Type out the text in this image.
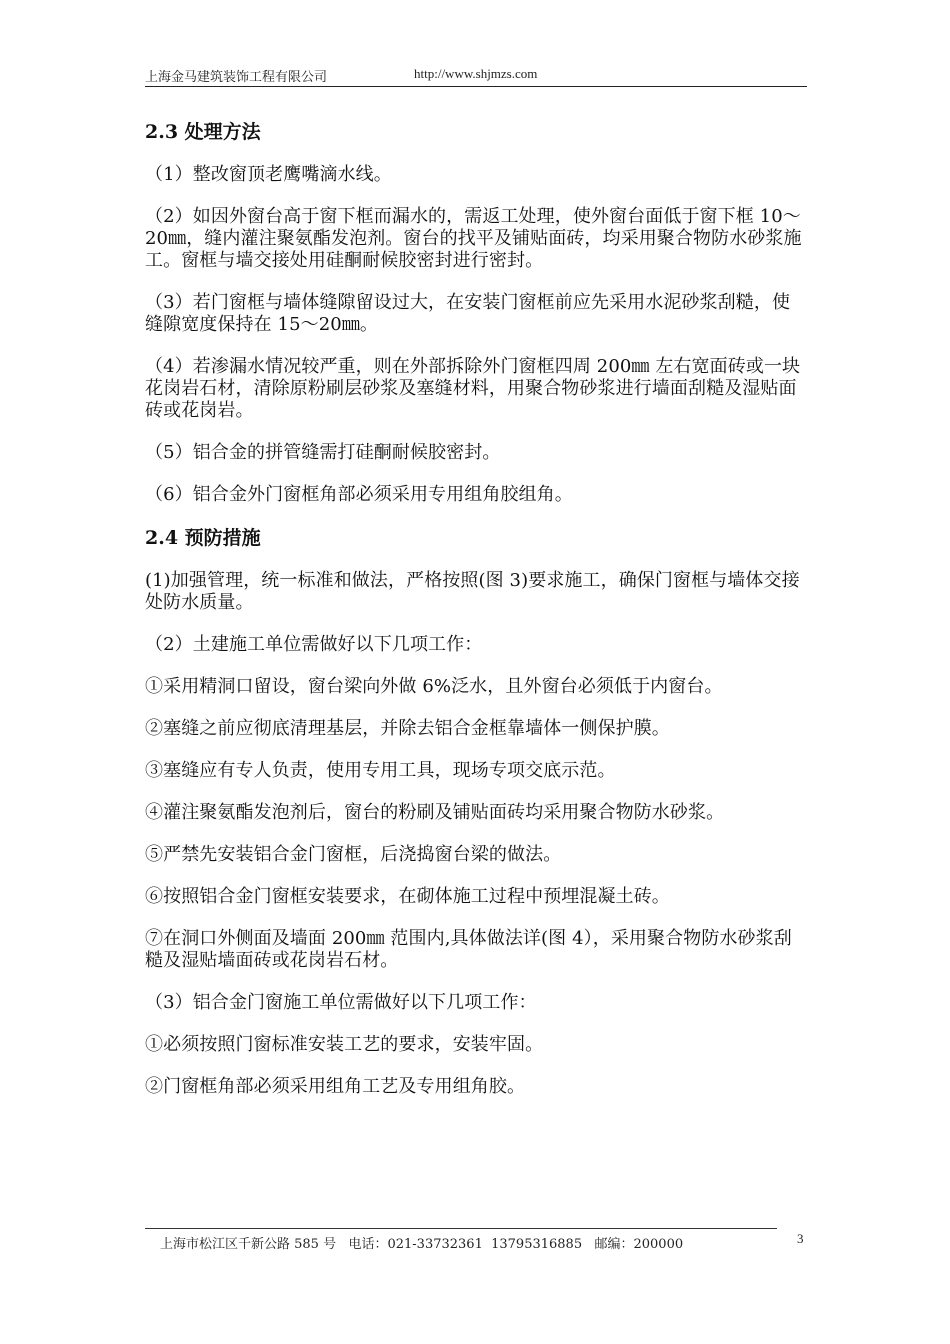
上海金马建筑装饰工程有限公司	http://www.shjmzs.com
2.3 处理方法
（1）整改窗顶老鹰嘴滴水线。
（2）如因外窗台高于窗下框而漏水的，需返工处理，使外窗台面低于窗下框 10～20㎜，缝内灌注聚氨酯发泡剂。窗台的找平及铺贴面砖，均采用聚合物防水砂浆施工。窗框与墙交接处用硅酮耐候胶密封进行密封。
（3）若门窗框与墙体缝隙留设过大，在安装门窗框前应先采用水泥砂浆刮糙，使缝隙宽度保持在 15～20㎜。
（4）若渗漏水情况较严重，则在外部拆除外门窗框四周 200㎜ 左右宽面砖或一块花岗岩石材，清除原粉刷层砂浆及塞缝材料，用聚合物砂浆进行墙面刮糙及湿贴面砖或花岗岩。
（5）铝合金的拼管缝需打硅酮耐候胶密封。
（6）铝合金外门窗框角部必须采用专用组角胶组角。
2.4 预防措施
(1)加强管理，统一标准和做法，严格按照(图 3)要求施工，确保门窗框与墙体交接处防水质量。
（2）土建施工单位需做好以下几项工作：
①采用精洞口留设，窗台梁向外做 6%泛水，且外窗台必须低于内窗台。
②塞缝之前应彻底清理基层，并除去铝合金框靠墙体一侧保护膜。
③塞缝应有专人负责，使用专用工具，现场专项交底示范。
④灌注聚氨酯发泡剂后，窗台的粉刷及铺贴面砖均采用聚合物防水砂浆。
⑤严禁先安装铝合金门窗框，后浇捣窗台梁的做法。
⑥按照铝合金门窗框安装要求，在砌体施工过程中预埋混凝土砖。
⑦在洞口外侧面及墙面 200㎜ 范围内,具体做法详(图 4），采用聚合物防水砂浆刮糙及湿贴墙面砖或花岗岩石材。
（3）铝合金门窗施工单位需做好以下几项工作：
①必须按照门窗标准安装工艺的要求，安装牢固。
②门窗框角部必须采用组角工艺及专用组角胶。
上海市松江区千新公路 585 号   电话：021-33732361  13795316885   邮编：200000	3
